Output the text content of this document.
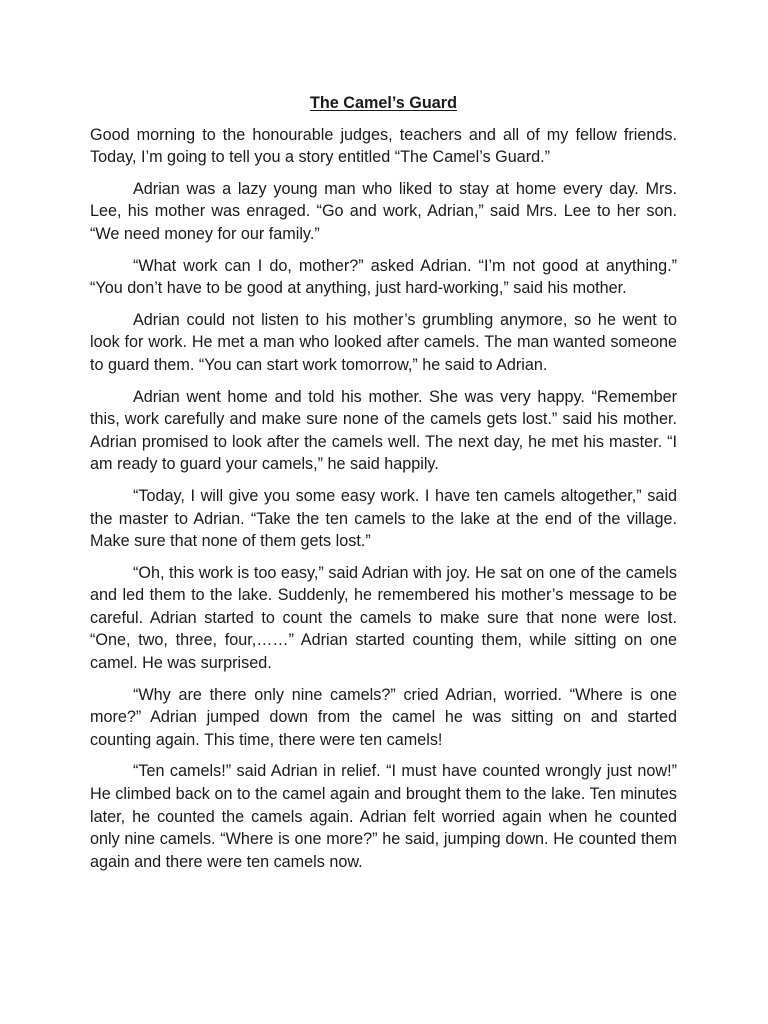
The Camel’s Guard

Good morning to the honourable judges, teachers and all of my fellow friends. Today, I’m going to tell you a story entitled “The Camel’s Guard.”

Adrian was a lazy young man who liked to stay at home every day. Mrs. Lee, his mother was enraged. “Go and work, Adrian,” said Mrs. Lee to her son. “We need money for our family.”

“What work can I do, mother?” asked Adrian. “I’m not good at anything.” “You don’t have to be good at anything, just hard-working,” said his mother.

Adrian could not listen to his mother’s grumbling anymore, so he went to look for work. He met a man who looked after camels. The man wanted someone to guard them. “You can start work tomorrow,” he said to Adrian.

Adrian went home and told his mother. She was very happy. “Remember this, work carefully and make sure none of the camels gets lost.” said his mother. Adrian promised to look after the camels well. The next day, he met his master. “I am ready to guard your camels,” he said happily.

“Today, I will give you some easy work. I have ten camels altogether,” said the master to Adrian. “Take the ten camels to the lake at the end of the village. Make sure that none of them gets lost.”

“Oh, this work is too easy,” said Adrian with joy. He sat on one of the camels and led them to the lake. Suddenly, he remembered his mother’s message to be careful. Adrian started to count the camels to make sure that none were lost. “One, two, three, four,……” Adrian started counting them, while sitting on one camel. He was surprised.

“Why are there only nine camels?” cried Adrian, worried. “Where is one more?” Adrian jumped down from the camel he was sitting on and started counting again. This time, there were ten camels!

“Ten camels!” said Adrian in relief. “I must have counted wrongly just now!” He climbed back on to the camel again and brought them to the lake. Ten minutes later, he counted the camels again. Adrian felt worried again when he counted only nine camels. “Where is one more?” he said, jumping down. He counted them again and there were ten camels now.
